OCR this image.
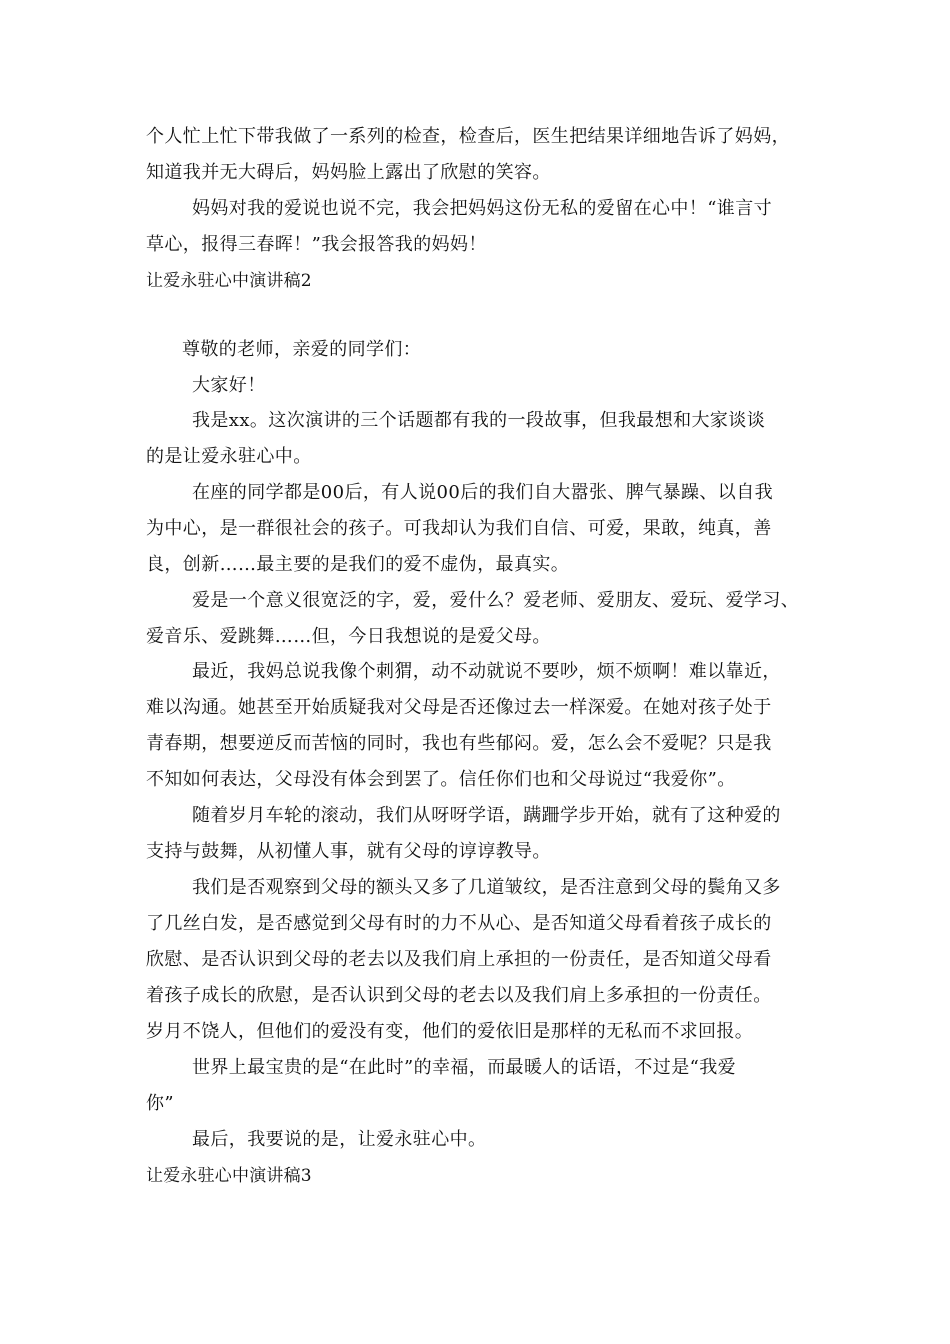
个人忙上忙下带我做了一系列的检查，检查后，医生把结果详细地告诉了妈妈，
知道我并无大碍后，妈妈脸上露出了欣慰的笑容。
妈妈对我的爱说也说不完，我会把妈妈这份无私的爱留在心中！“谁言寸
草心，报得三春晖！”我会报答我的妈妈！
让爱永驻心中演讲稿2
尊敬的老师，亲爱的同学们：
大家好！
我是xx。这次演讲的三个话题都有我的一段故事，但我最想和大家谈谈
的是让爱永驻心中。
在座的同学都是00后，有人说00后的我们自大嚣张、脾气暴躁、以自我
为中心，是一群很社会的孩子。可我却认为我们自信、可爱，果敢，纯真，善
良，创新……最主要的是我们的爱不虚伪，最真实。
爱是一个意义很宽泛的字，爱，爱什么？爱老师、爱朋友、爱玩、爱学习、
爱音乐、爱跳舞……但，今日我想说的是爱父母。
最近，我妈总说我像个刺猬，动不动就说不要吵，烦不烦啊！难以靠近，
难以沟通。她甚至开始质疑我对父母是否还像过去一样深爱。在她对孩子处于
青春期，想要逆反而苦恼的同时，我也有些郁闷。爱，怎么会不爱呢？只是我
不知如何表达，父母没有体会到罢了。信任你们也和父母说过“我爱你”。
随着岁月车轮的滚动，我们从呀呀学语，蹒跚学步开始，就有了这种爱的
支持与鼓舞，从初懂人事，就有父母的谆谆教导。
我们是否观察到父母的额头又多了几道皱纹，是否注意到父母的鬓角又多
了几丝白发，是否感觉到父母有时的力不从心、是否知道父母看着孩子成长的
欣慰、是否认识到父母的老去以及我们肩上承担的一份责任，是否知道父母看
着孩子成长的欣慰，是否认识到父母的老去以及我们肩上多承担的一份责任。
岁月不饶人，但他们的爱没有变，他们的爱依旧是那样的无私而不求回报。
世界上最宝贵的是“在此时”的幸福，而最暖人的话语，不过是“我爱
你”
最后，我要说的是，让爱永驻心中。
让爱永驻心中演讲稿3
